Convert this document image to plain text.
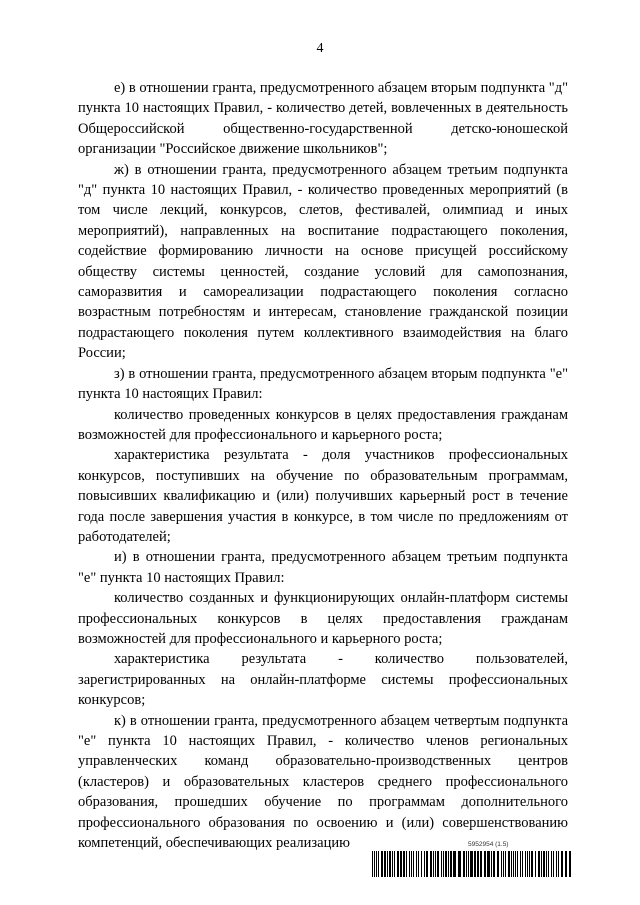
4

е) в отношении гранта, предусмотренного абзацем вторым подпункта "д" пункта 10 настоящих Правил, - количество детей, вовлеченных в деятельность Общероссийской общественно-государственной детско-юношеской организации "Российское движение школьников";

ж) в отношении гранта, предусмотренного абзацем третьим подпункта "д" пункта 10 настоящих Правил, - количество проведенных мероприятий (в том числе лекций, конкурсов, слетов, фестивалей, олимпиад и иных мероприятий), направленных на воспитание подрастающего поколения, содействие формированию личности на основе присущей российскому обществу системы ценностей, создание условий для самопознания, саморазвития и самореализации подрастающего поколения согласно возрастным потребностям и интересам, становление гражданской позиции подрастающего поколения путем коллективного взаимодействия на благо России;

з) в отношении гранта, предусмотренного абзацем вторым подпункта "е" пункта 10 настоящих Правил:

количество проведенных конкурсов в целях предоставления гражданам возможностей для профессионального и карьерного роста;

характеристика результата - доля участников профессиональных конкурсов, поступивших на обучение по образовательным программам, повысивших квалификацию и (или) получивших карьерный рост в течение года после завершения участия в конкурсе, в том числе по предложениям от работодателей;

и) в отношении гранта, предусмотренного абзацем третьим подпункта "е" пункта 10 настоящих Правил:

количество созданных и функционирующих онлайн-платформ системы профессиональных конкурсов в целях предоставления гражданам возможностей для профессионального и карьерного роста;

характеристика результата - количество пользователей, зарегистрированных на онлайн-платформе системы профессиональных конкурсов;

к) в отношении гранта, предусмотренного абзацем четвертым подпункта "е" пункта 10 настоящих Правил, - количество членов региональных управленческих команд образовательно-производственных центров (кластеров) и образовательных кластеров среднего профессионального образования, прошедших обучение по программам дополнительного профессионального образования по освоению и (или) совершенствованию компетенций, обеспечивающих реализацию	5952954 (1.5)
